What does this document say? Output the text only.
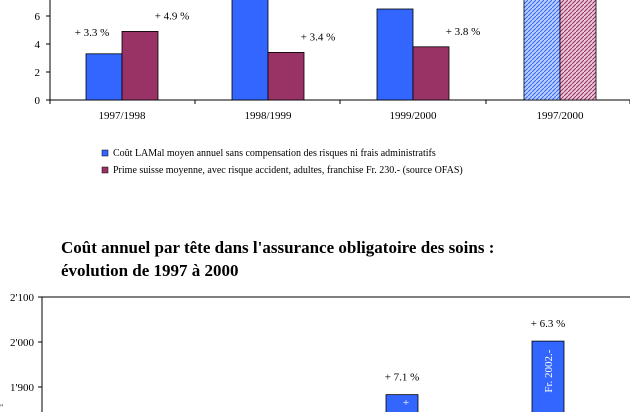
0
2
4
6
+ 3.3 %
+ 4.9 %
+ 3.4 %	+ 3.8 %
1997/1998	1998/1999	1999/2000	1997/2000
Coût LAMal moyen annuel sans compensation des risques ni frais administratifs
Prime suisse moyenne, avec risque accident, adultes, franchise Fr. 230.- (source OFAS)
Coût annuel par tête dans l'assurance obligatoire des soins :
évolution de 1997 à 2000
2'100
2'000
1'900
+ 7.1 %
+
+ 6.3 %
Fr. 2002.-
"
